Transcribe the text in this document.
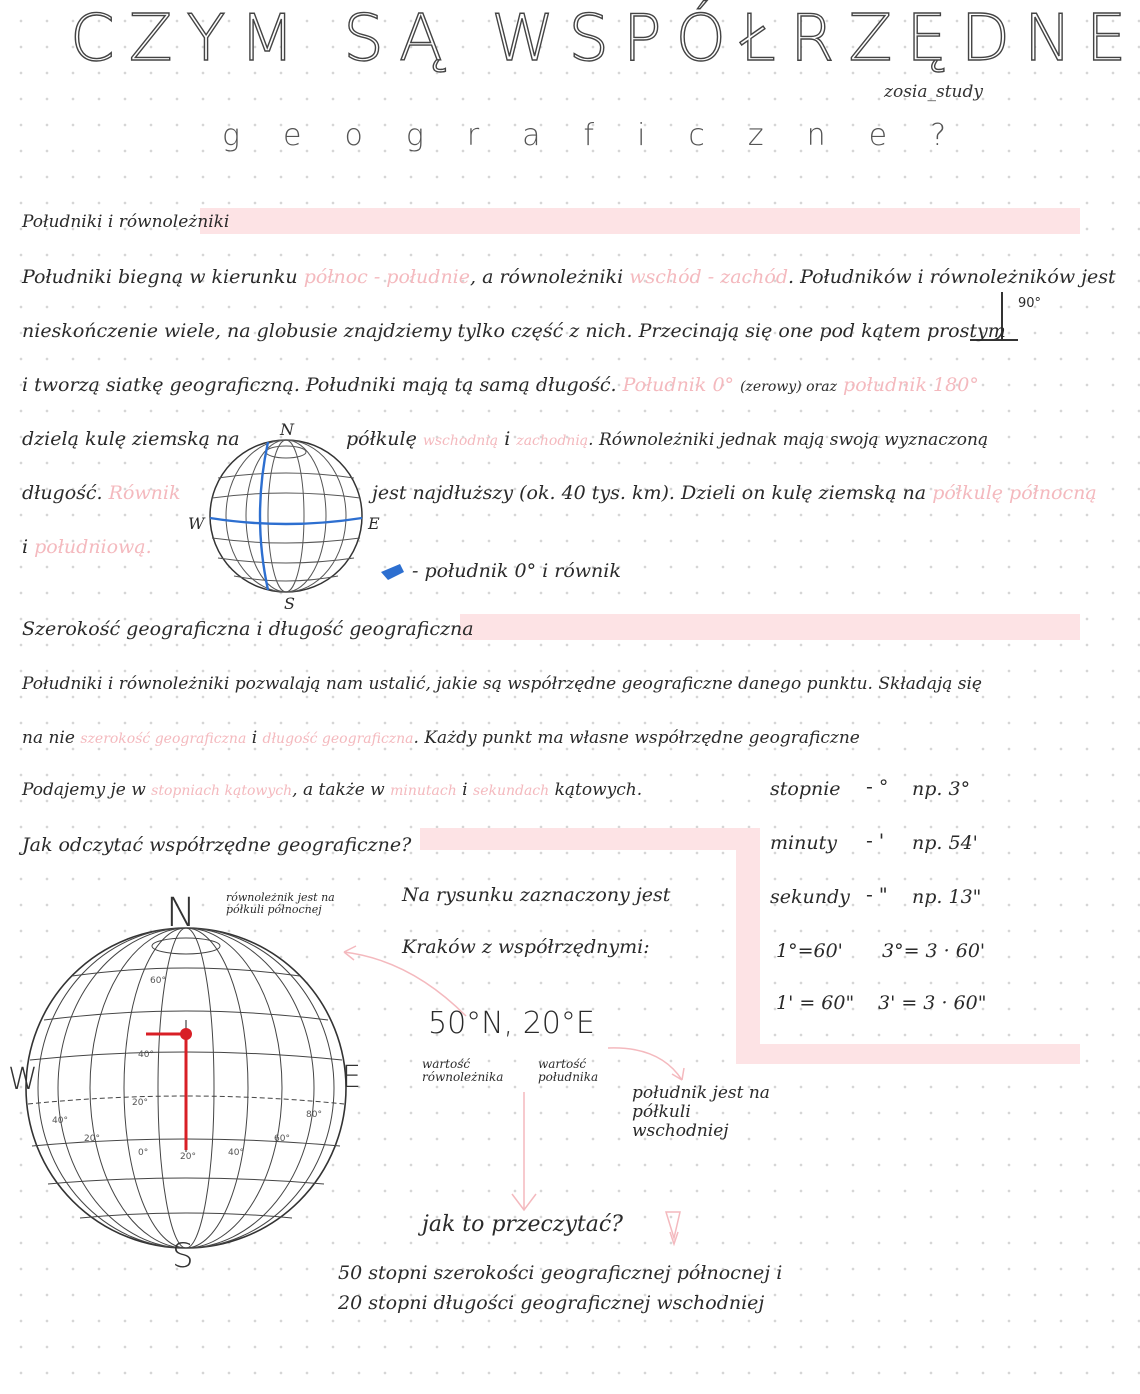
CZYM SĄ WSPÓŁRZĘDNE
zosia_study
geograficzne?
Południki i równoleżniki
Południki biegną w kierunku północ - południe, a równoleżniki wschód - zachód. Południków i równoleżników jest
90°
nieskończenie wiele, na globusie znajdziemy tylko część z nich. Przecinają się one pod kątem prostym
i tworzą siatkę geograficzną. Południki mają tą samą długość. Południk 0° (zerowy) oraz południk 180°
dzielą kulę ziemską na	półkulę wschodnią i zachodnią. Równoleżniki jednak mają swoją wyznaczoną
długość. Równik	jest najdłuższy (ok. 40 tys. km). Dzieli on kulę ziemską na półkulę północną
i południową.
N
S
E
W
- południk 0° i równik
Szerokość geograficzna i długość geograficzna
Południki i równoleżniki pozwalają nam ustalić, jakie są współrzędne geograficzne danego punktu. Składają się
na nie szerokość geograficzna i długość geograficzna. Każdy punkt ma własne współrzędne geograficzne
Podajemy je w stopniach kątowych, a także w minutach i sekundach kątowych.	stopnie - ° np. 3°
minuty - ' np. 54'
sekundy - " np. 13"
1°=60' 3°= 3 · 60'
1' = 60" 3' = 3 · 60"
Jak odczytać współrzędne geograficzne?
równoleżnik jest na półkuli północnej
60°
40°
20°
40°
20°
0°	20°	40°
60°
80°
N
S
W	E
Na rysunku zaznaczony jest
Kraków z współrzędnymi:
50°N, 20°E
wartość równoleżnika
wartość południka
południk jest na półkuli wschodniej
jak to przeczytać?
50 stopni szerokości geograficznej północnej i
20 stopni długości geograficznej wschodniej
